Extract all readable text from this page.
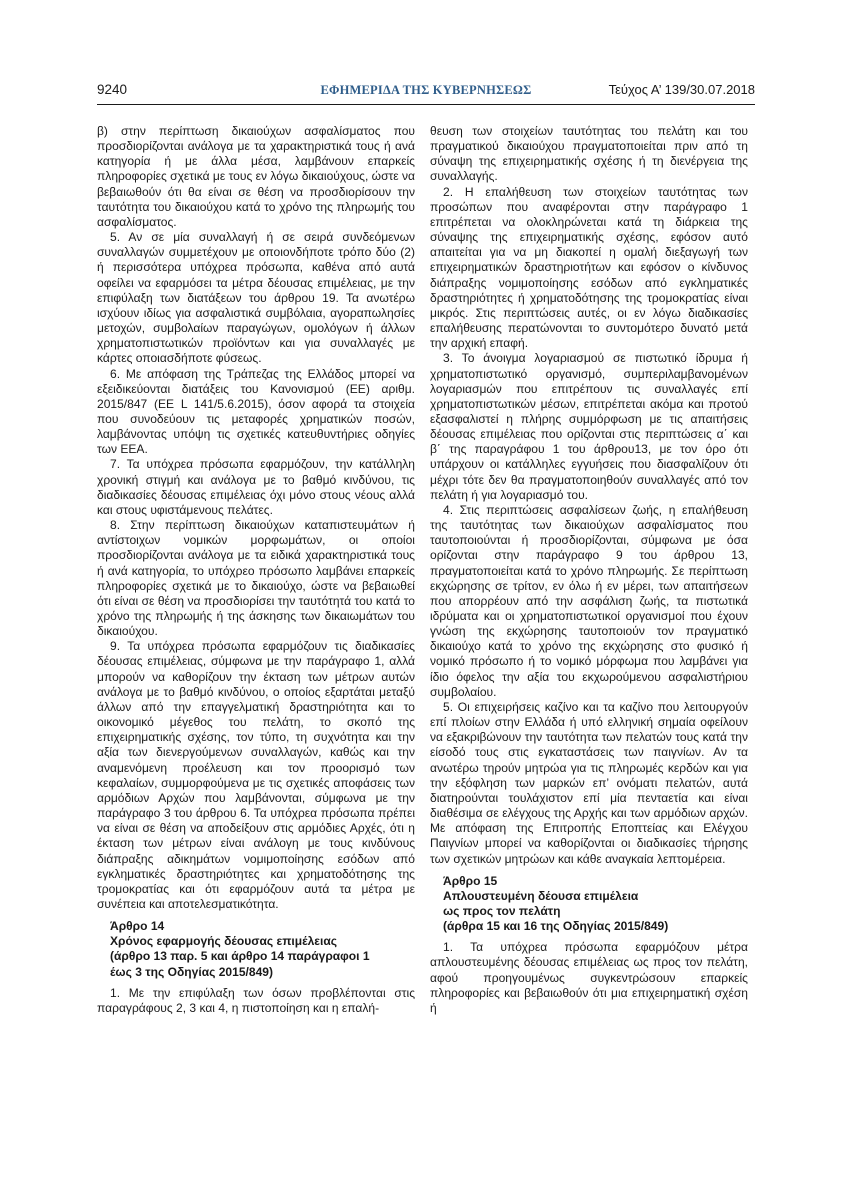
9240	ΕΦΗΜΕΡΙΔΑ ΤΗΣ ΚΥΒΕΡΝΗΣΕΩΣ	Τεύχος Α’ 139/30.07.2018

β) στην περίπτωση δικαιούχων ασφαλίσματος που προσδιορίζονται ανάλογα με τα χαρακτηριστικά τους ή ανά κατηγορία ή με άλλα μέσα, λαμβάνουν επαρκείς πληροφορίες σχετικά με τους εν λόγω δικαιούχους, ώστε να βεβαιωθούν ότι θα είναι σε θέση να προσδιορίσουν την ταυτότητα του δικαιούχου κατά το χρόνο της πληρωμής του ασφαλίσματος.

5. Αν σε μία συναλλαγή ή σε σειρά συνδεόμενων συναλλαγών συμμετέχουν με οποιονδήποτε τρόπο δύο (2) ή περισσότερα υπόχρεα πρόσωπα, καθένα από αυτά οφείλει να εφαρμόσει τα μέτρα δέουσας επιμέλειας, με την επιφύλαξη των διατάξεων του άρθρου 19. Τα ανωτέρω ισχύουν ιδίως για ασφαλιστικά συμβόλαια, αγοραπωλησίες μετοχών, συμβολαίων παραγώγων, ομολόγων ή άλλων χρηματοπιστωτικών προϊόντων και για συναλλαγές με κάρτες οποιασδήποτε φύσεως.

6. Με απόφαση της Τράπεζας της Ελλάδος μπορεί να εξειδικεύονται διατάξεις του Κανονισμού (ΕΕ) αριθμ. 2015/847 (ΕΕ L 141/5.6.2015), όσον αφορά τα στοιχεία που συνοδεύουν τις μεταφορές χρηματικών ποσών, λαμβάνοντας υπόψη τις σχετικές κατευθυντήριες οδηγίες των ΕΕΑ.

7. Τα υπόχρεα πρόσωπα εφαρμόζουν, την κατάλληλη χρονική στιγμή και ανάλογα με το βαθμό κινδύνου, τις διαδικασίες δέουσας επιμέλειας όχι μόνο στους νέους αλλά και στους υφιστάμενους πελάτες.

8. Στην περίπτωση δικαιούχων καταπιστευμάτων ή αντίστοιχων νομικών μορφωμάτων, οι οποίοι προσδιορίζονται ανάλογα με τα ειδικά χαρακτηριστικά τους ή ανά κατηγορία, το υπόχρεο πρόσωπο λαμβάνει επαρκείς πληροφορίες σχετικά με το δικαιούχο, ώστε να βεβαιωθεί ότι είναι σε θέση να προσδιορίσει την ταυτότητά του κατά το χρόνο της πληρωμής ή της άσκησης των δικαιωμάτων του δικαιούχου.

9. Τα υπόχρεα πρόσωπα εφαρμόζουν τις διαδικασίες δέουσας επιμέλειας, σύμφωνα με την παράγραφο 1, αλλά μπορούν να καθορίζουν την έκταση των μέτρων αυτών ανάλογα με το βαθμό κινδύνου, ο οποίος εξαρτάται μεταξύ άλλων από την επαγγελματική δραστηριότητα και το οικονομικό μέγεθος του πελάτη, το σκοπό της επιχειρηματικής σχέσης, τον τύπο, τη συχνότητα και την αξία των διενεργούμενων συναλλαγών, καθώς και την αναμενόμενη προέλευση και τον προορισμό των κεφαλαίων, συμμορφούμενα με τις σχετικές αποφάσεις των αρμόδιων Αρχών που λαμβάνονται, σύμφωνα με την παράγραφο 3 του άρθρου 6. Τα υπόχρεα πρόσωπα πρέπει να είναι σε θέση να αποδείξουν στις αρμόδιες Αρχές, ότι η έκταση των μέτρων είναι ανάλογη με τους κινδύνους διάπραξης αδικημάτων νομιμοποίησης εσόδων από εγκληματικές δραστηριότητες και χρηματοδότησης της τρομοκρατίας και ότι εφαρμόζουν αυτά τα μέτρα με συνέπεια και αποτελεσματικότητα.

Άρθρο 14
Χρόνος εφαρμογής δέουσας επιμέλειας
(άρθρο 13 παρ. 5 και άρθρο 14 παράγραφοι 1
έως 3 της Οδηγίας 2015/849)

1. Με την επιφύλαξη των όσων προβλέπονται στις παραγράφους 2, 3 και 4, η πιστοποίηση και η επαλή-

θευση των στοιχείων ταυτότητας του πελάτη και του πραγματικού δικαιούχου πραγματοποιείται πριν από τη σύναψη της επιχειρηματικής σχέσης ή τη διενέργεια της συναλλαγής.

2. Η επαλήθευση των στοιχείων ταυτότητας των προσώπων που αναφέρονται στην παράγραφο 1 επιτρέπεται να ολοκληρώνεται κατά τη διάρκεια της σύναψης της επιχειρηματικής σχέσης, εφόσον αυτό απαιτείται για να μη διακοπεί η ομαλή διεξαγωγή των επιχειρηματικών δραστηριοτήτων και εφόσον ο κίνδυνος διάπραξης νομιμοποίησης εσόδων από εγκληματικές δραστηριότητες ή χρηματοδότησης της τρομοκρατίας είναι μικρός. Στις περιπτώσεις αυτές, οι εν λόγω διαδικασίες επαλήθευσης περατώνονται το συντομότερο δυνατό μετά την αρχική επαφή.

3. Το άνοιγμα λογαριασμού σε πιστωτικό ίδρυμα ή χρηματοπιστωτικό οργανισμό, συμπεριλαμβανομένων λογαριασμών που επιτρέπουν τις συναλλαγές επί χρηματοπιστωτικών μέσων, επιτρέπεται ακόμα και προτού εξασφαλιστεί η πλήρης συμμόρφωση με τις απαιτήσεις δέουσας επιμέλειας που ορίζονται στις περιπτώσεις α΄ και β΄ της παραγράφου 1 του άρθρου13, με τον όρο ότι υπάρχουν οι κατάλληλες εγγυήσεις που διασφαλίζουν ότι μέχρι τότε δεν θα πραγματοποιηθούν συναλλαγές από τον πελάτη ή για λογαριασμό του.

4. Στις περιπτώσεις ασφαλίσεων ζωής, η επαλήθευση της ταυτότητας των δικαιούχων ασφαλίσματος που ταυτοποιούνται ή προσδιορίζονται, σύμφωνα με όσα ορίζονται στην παράγραφο 9 του άρθρου 13, πραγματοποιείται κατά το χρόνο πληρωμής. Σε περίπτωση εκχώρησης σε τρίτον, εν όλω ή εν μέρει, των απαιτήσεων που απορρέουν από την ασφάλιση ζωής, τα πιστωτικά ιδρύματα και οι χρηματοπιστωτικοί οργανισμοί που έχουν γνώση της εκχώρησης ταυτοποιούν τον πραγματικό δικαιούχο κατά το χρόνο της εκχώρησης στο φυσικό ή νομικό πρόσωπο ή το νομικό μόρφωμα που λαμβάνει για ίδιο όφελος την αξία του εκχωρούμενου ασφαλιστήριου συμβολαίου.

5. Οι επιχειρήσεις καζίνο και τα καζίνο που λειτουργούν επί πλοίων στην Ελλάδα ή υπό ελληνική σημαία οφείλουν να εξακριβώνουν την ταυτότητα των πελατών τους κατά την είσοδό τους στις εγκαταστάσεις των παιγνίων. Αν τα ανωτέρω τηρούν μητρώα για τις πληρωμές κερδών και για την εξόφληση των μαρκών επ’ ονόματι πελατών, αυτά διατηρούνται τουλάχιστον επί μία πενταετία και είναι διαθέσιμα σε ελέγχους της Αρχής και των αρμόδιων αρχών. Με απόφαση της Επιτροπής Εποπτείας και Ελέγχου Παιγνίων μπορεί να καθορίζονται οι διαδικασίες τήρησης των σχετικών μητρώων και κάθε αναγκαία λεπτομέρεια.

Άρθρο 15
Απλουστευμένη δέουσα επιμέλεια
ως προς τον πελάτη
(άρθρα 15 και 16 της Οδηγίας 2015/849)

1. Τα υπόχρεα πρόσωπα εφαρμόζουν μέτρα απλουστευμένης δέουσας επιμέλειας ως προς τον πελάτη, αφού προηγουμένως συγκεντρώσουν επαρκείς πληροφορίες και βεβαιωθούν ότι μια επιχειρηματική σχέση ή
